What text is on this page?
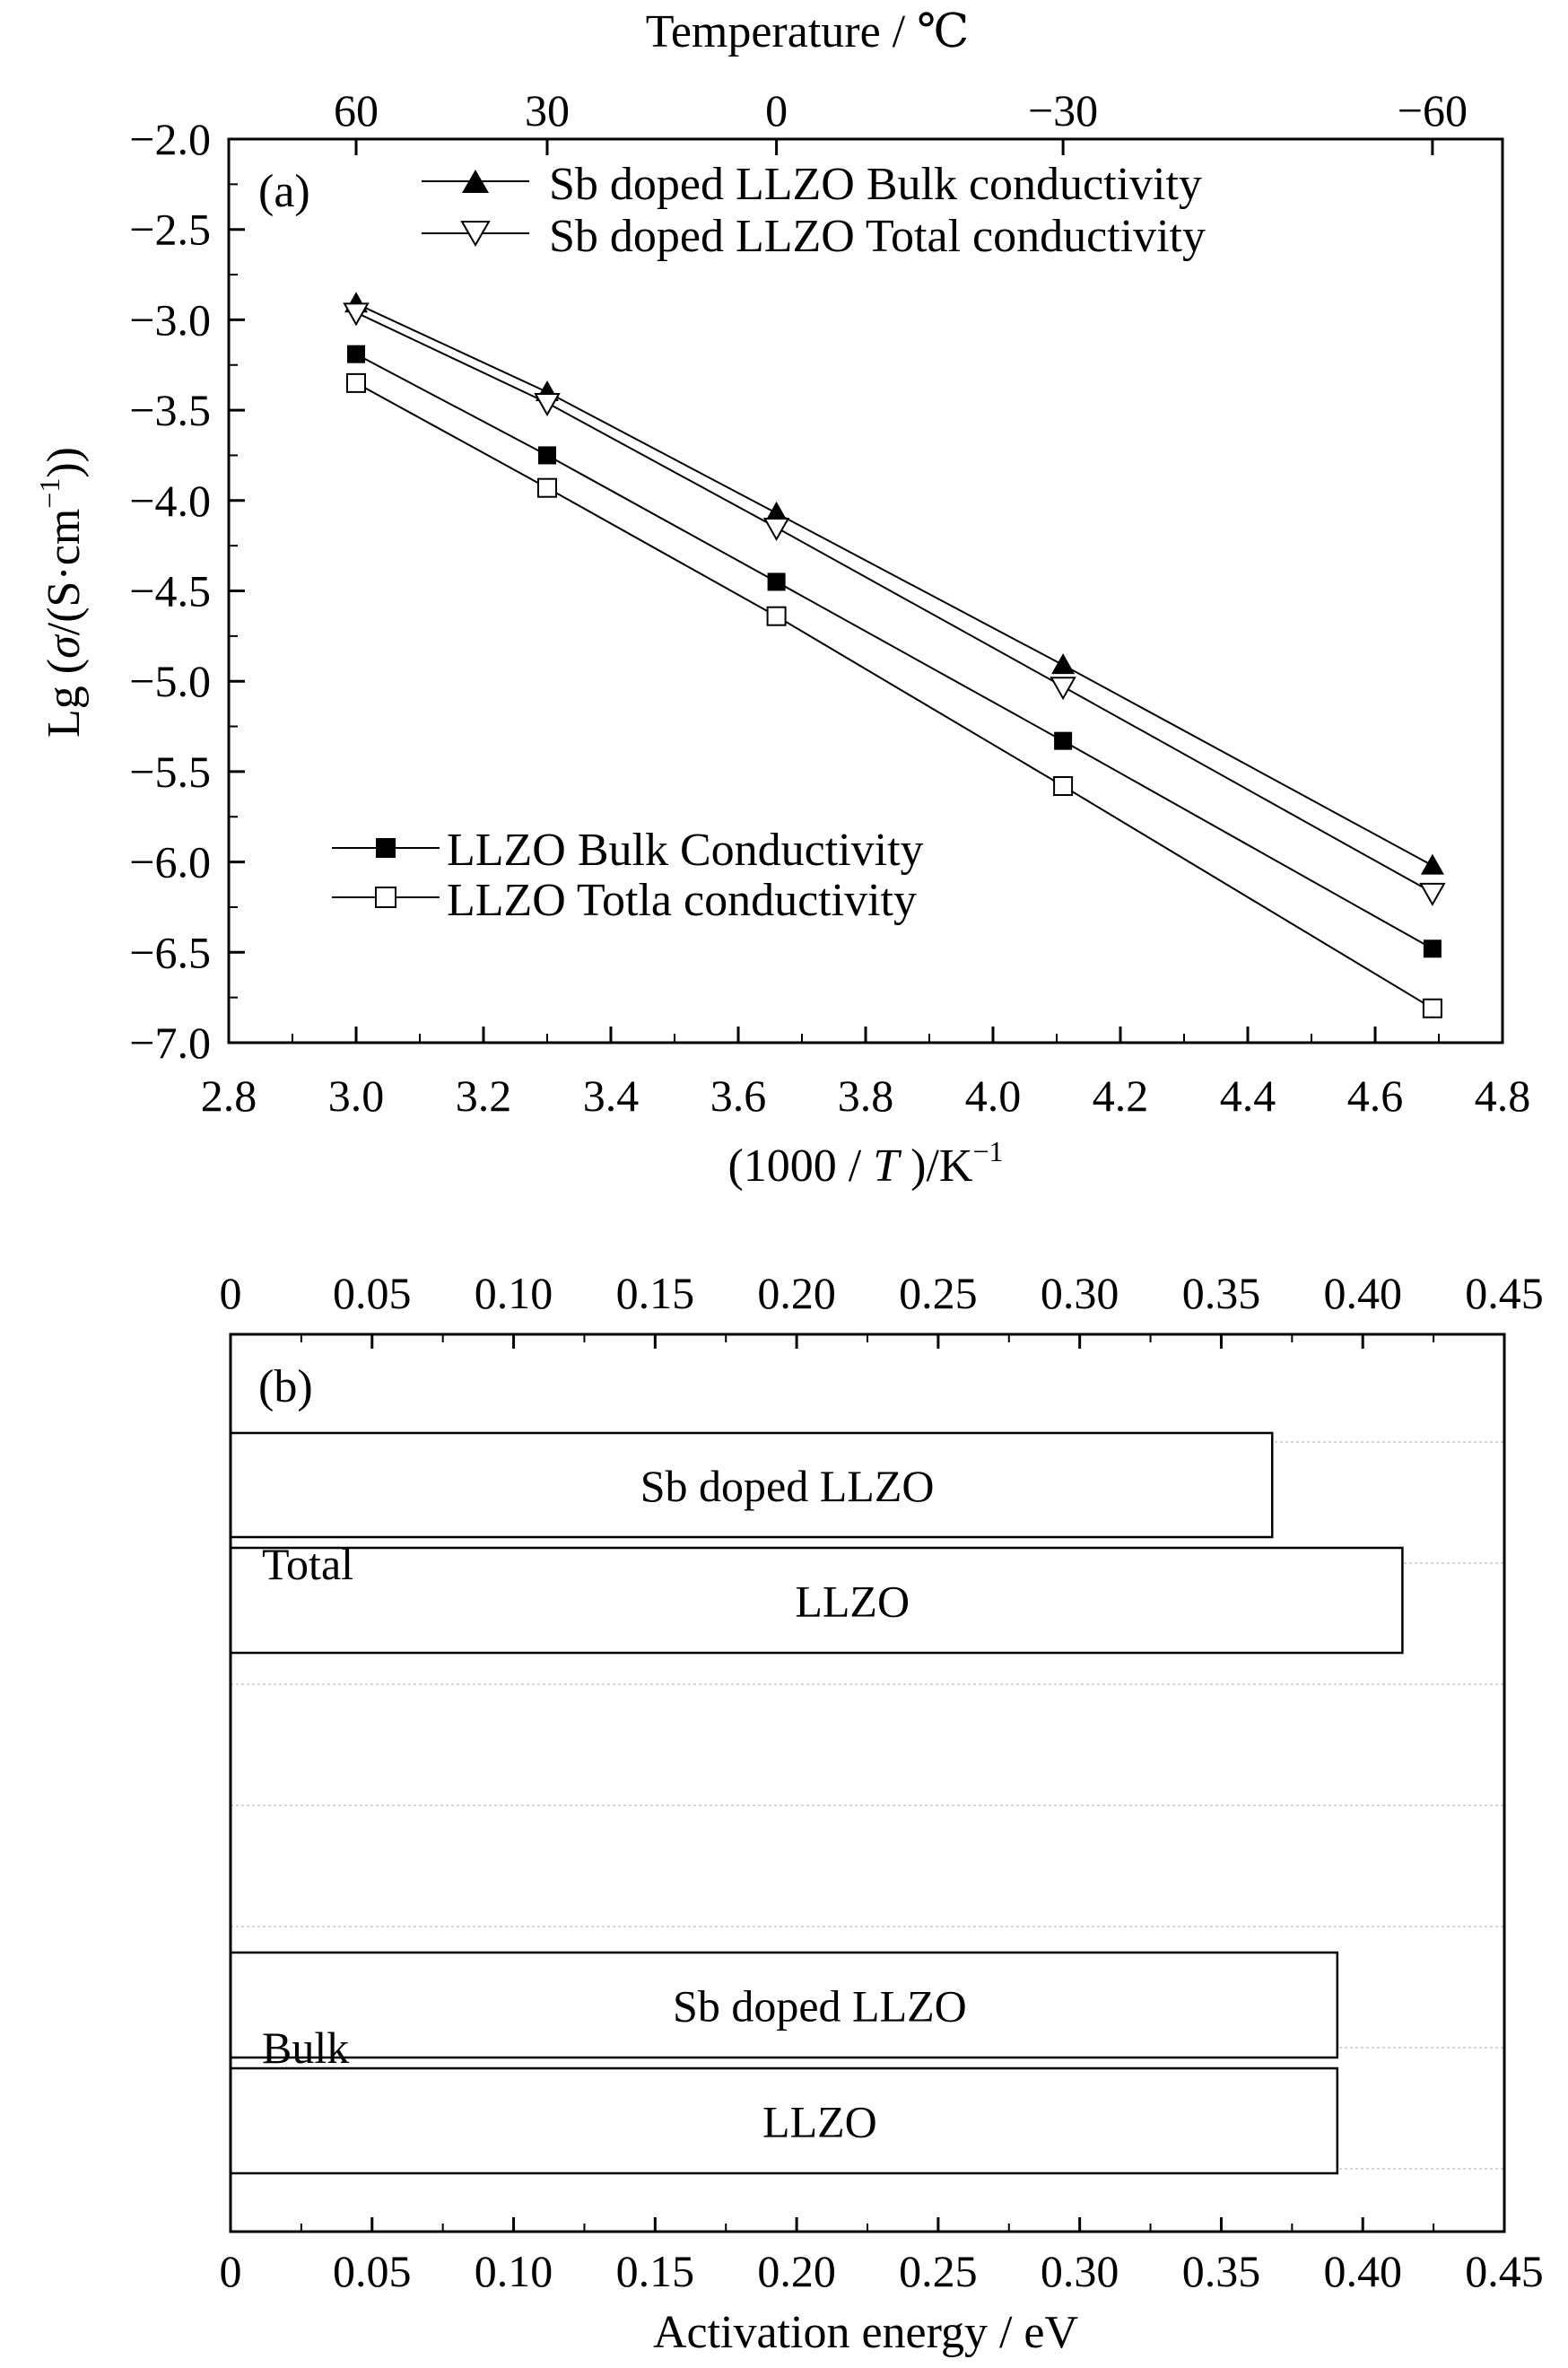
Temperature / ℃
60	30	0	−30	−60
2.8 3.0 3.2 3.4 3.6 3.8 4.0 4.2 4.4 4.6 4.8
−2.0
−2.5
−3.0
−3.5
−4.0
−4.5
−5.0
−5.5
−6.0
−6.5
−7.0
(a)	Sb doped LLZO Bulk conductivity
Sb doped LLZO Total conductivity
LLZO Bulk Conductivity
LLZO Totla conductivity
(1000 / T )$/K^{-1}$
Lg $(\sigma/(S\cdot cm^{-1}))$
0 0.05 0.10 0.15 0.20 0.25 0.30 0.35 0.40 0.45
0 0.05 0.10 0.15 0.20 0.25 0.30 0.35 0.40 0.45
Sb doped LLZO
LLZO
Total
Sb doped LLZO
LLZO
Bulk
(b)
Activation energy / eV
